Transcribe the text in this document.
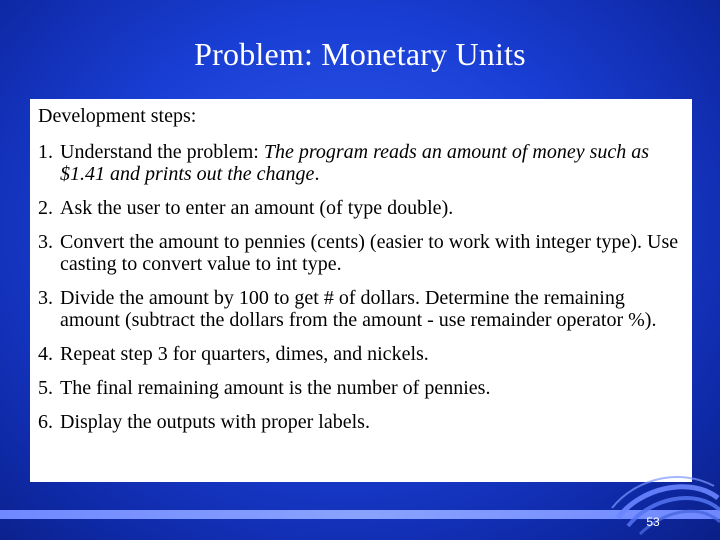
Problem: Monetary Units
Development steps:
1. Understand the problem: The program reads an amount of money such as $1.41 and prints out the change.
2. Ask the user to enter an amount (of type double).
3. Convert the amount to pennies (cents) (easier to work with integer type). Use casting to convert value to int type.
3. Divide the amount by 100 to get # of dollars. Determine the remaining amount (subtract the dollars from the amount - use remainder operator %).
4. Repeat step 3 for quarters, dimes, and nickels.
5. The final remaining amount is the number of pennies.
6. Display the outputs with proper labels.
53
